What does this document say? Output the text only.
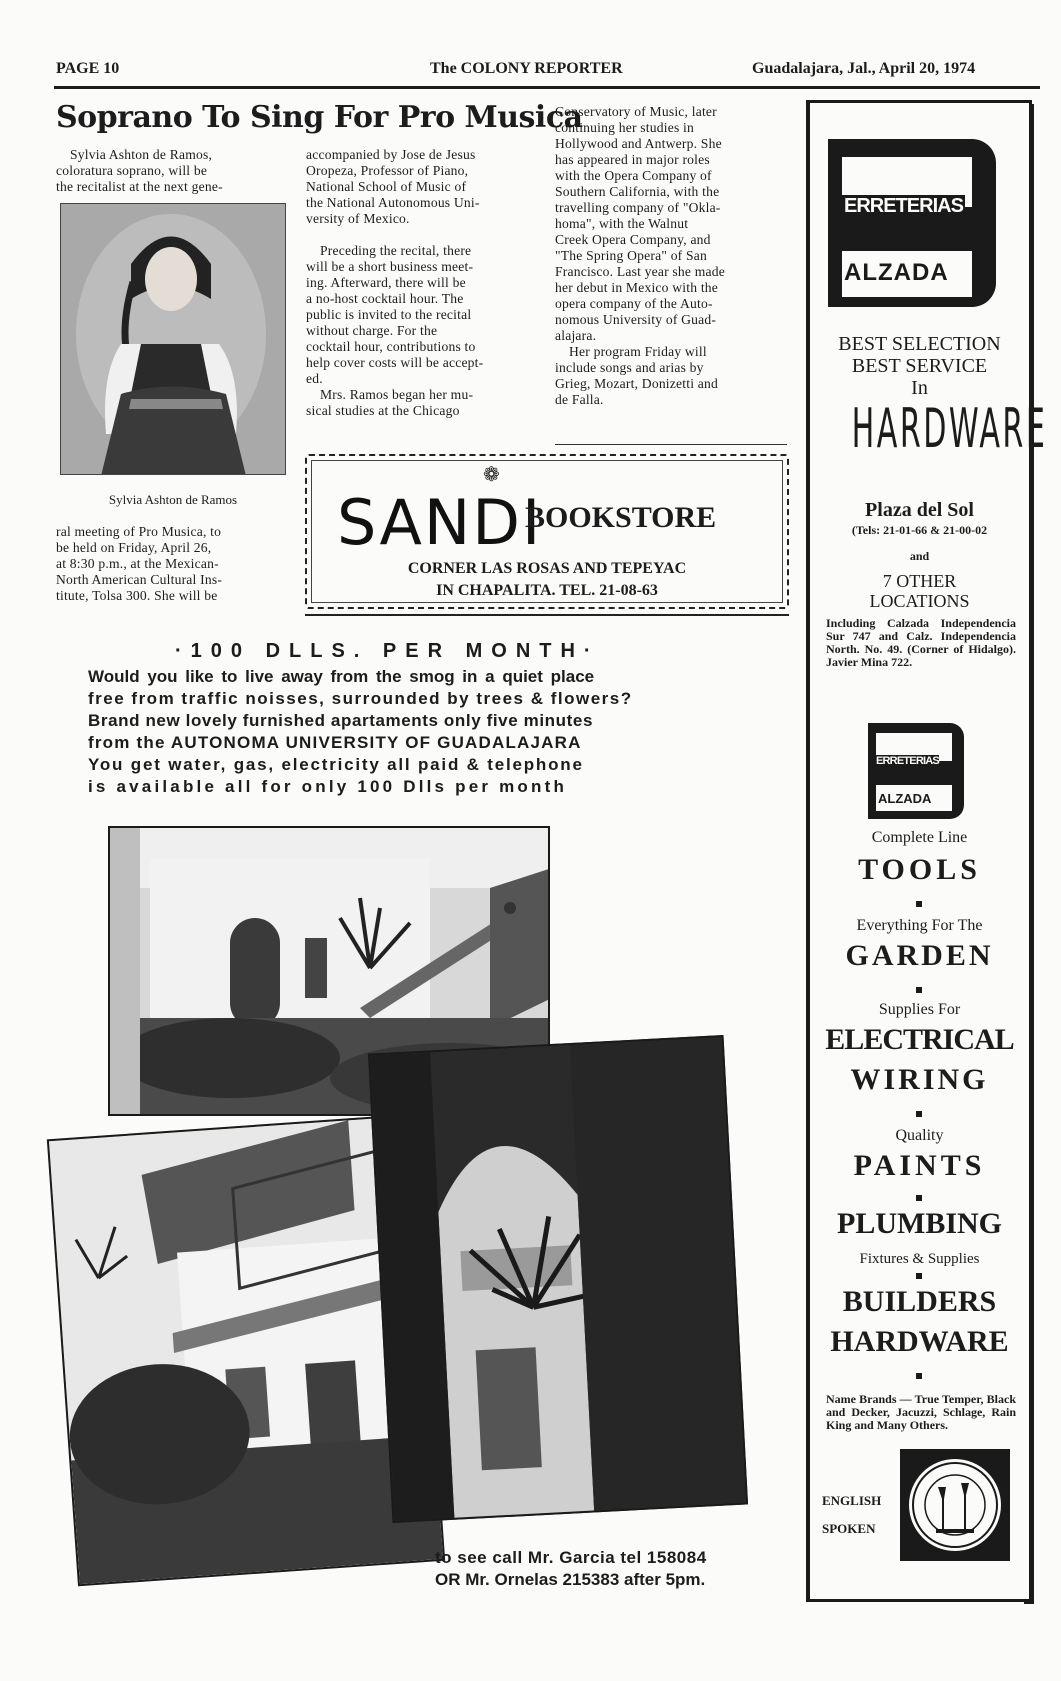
PAGE 10	The COLONY REPORTER	Guadalajara, Jal., April 20, 1974
Soprano To Sing For Pro Musica
Sylvia Ashton de Ramos,
coloratura soprano, will be
the recitalist at the next gene-
Sylvia Ashton de Ramos
ral meeting of Pro Musica, to
be held on Friday, April 26,
at 8:30 p.m., at the Mexican-
North American Cultural Ins-
titute, Tolsa 300. She will be
accompanied by Jose de Jesus
Oropeza, Professor of Piano,
National School of Music of
the National Autonomous Uni-
versity of Mexico.
Preceding the recital, there
will be a short business meet-
ing. Afterward, there will be
a no-host cocktail hour. The
public is invited to the recital
without charge. For the
cocktail hour, contributions to
help cover costs will be accept-
ed.
Mrs. Ramos began her mu-
sical studies at the Chicago
Conservatory of Music, later
continuing her studies in
Hollywood and Antwerp. She
has appeared in major roles
with the Opera Company of
Southern California, with the
travelling company of "Okla-
homa", with the Walnut
Creek Opera Company, and
"The Spring Opera" of San
Francisco. Last year she made
her debut in Mexico with the
opera company of the Auto-
nomous University of Guad-
alajara.
Her program Friday will
include songs and arias by
Grieg, Mozart, Donizetti and
de Falla.
❁
SANDI
BOOKSTORE
CORNER LAS ROSAS AND TEPEYAC
IN CHAPALITA. TEL. 21-08-63
·100 DLLS. PER MONTH·
Would you like to live away from the smog in a quiet place
free from traffic noisses, surrounded by trees & flowers?
Brand new lovely furnished apartaments only five minutes
from the AUTONOMA UNIVERSITY OF GUADALAJARA
You get water, gas, electricity all paid & telephone
is available all for only 100 Dlls per month
to see call Mr. Garcia tel 158084
OR Mr. Ornelas 215383 after 5pm.
ERRETERIAS
ALZADA
BEST SELECTION
BEST SERVICE
In
HARDWARE
Plaza del Sol
(Tels: 21-01-66 & 21-00-02
and
7 OTHER
LOCATIONS
Including Calzada Independencia Sur 747 and Calz. Independencia North. No. 49. (Corner of Hidalgo). Javier Mina 722.
ERRETERIAS
ALZADA
Complete Line
TOOLS
Everything For The
GARDEN
Supplies For
ELECTRICAL
WIRING
Quality
PAINTS
PLUMBING
Fixtures & Supplies
BUILDERS
HARDWARE
Name Brands — True Temper, Black and Decker, Jacuzzi, Schlage, Rain King and Many Others.
ENGLISH
SPOKEN
